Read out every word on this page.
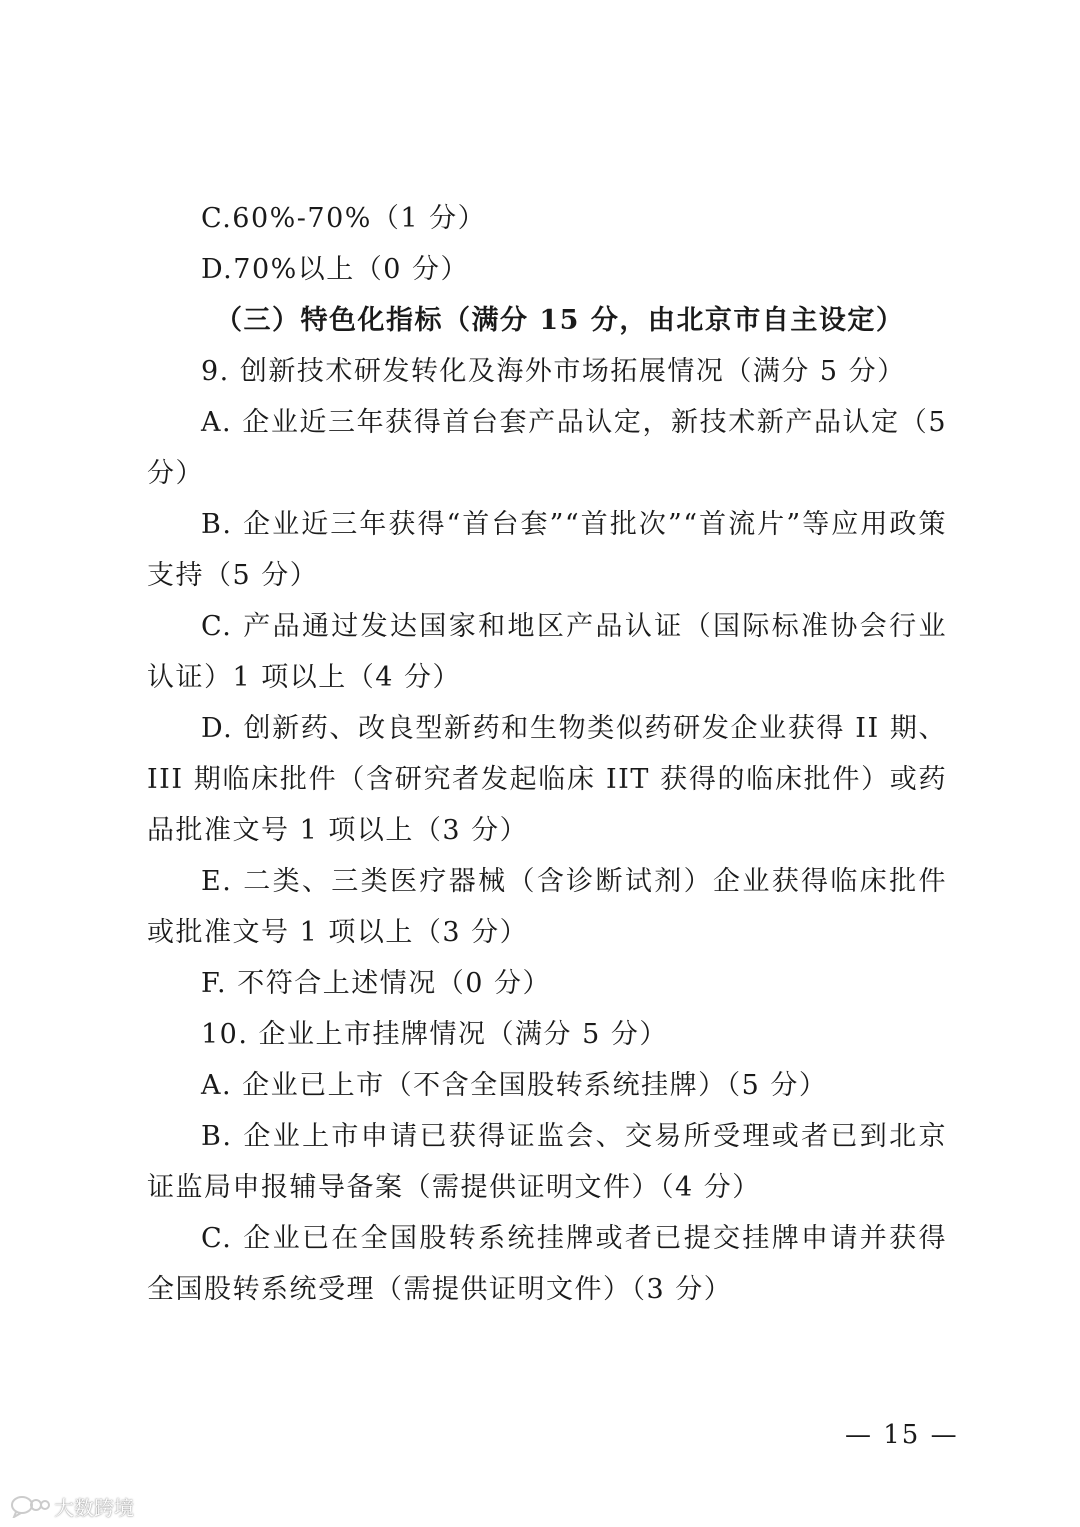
C.60%-70%（1 分）

D.70%以上（0 分）

（三）特色化指标（满分 15 分，由北京市自主设定）

9. 创新技术研发转化及海外市场拓展情况（满分 5 分）

A. 企业近三年获得首台套产品认定，新技术新产品认定（5 分）

B. 企业近三年获得“首台套”“首批次”“首流片”等应用政策支持（5 分）

C. 产品通过发达国家和地区产品认证（国际标准协会行业认证）1 项以上（4 分）

D. 创新药、改良型新药和生物类似药研发企业获得 II 期、III 期临床批件（含研究者发起临床 IIT 获得的临床批件）或药品批准文号 1 项以上（3 分）

E. 二类、三类医疗器械（含诊断试剂）企业获得临床批件或批准文号 1 项以上（3 分）

F. 不符合上述情况（0 分）

10. 企业上市挂牌情况（满分 5 分）

A. 企业已上市（不含全国股转系统挂牌）（5 分）

B. 企业上市申请已获得证监会、交易所受理或者已到北京证监局申报辅导备案（需提供证明文件）（4 分）

C. 企业已在全国股转系统挂牌或者已提交挂牌申请并获得全国股转系统受理（需提供证明文件）（3 分）

— 15 —
大数跨境
